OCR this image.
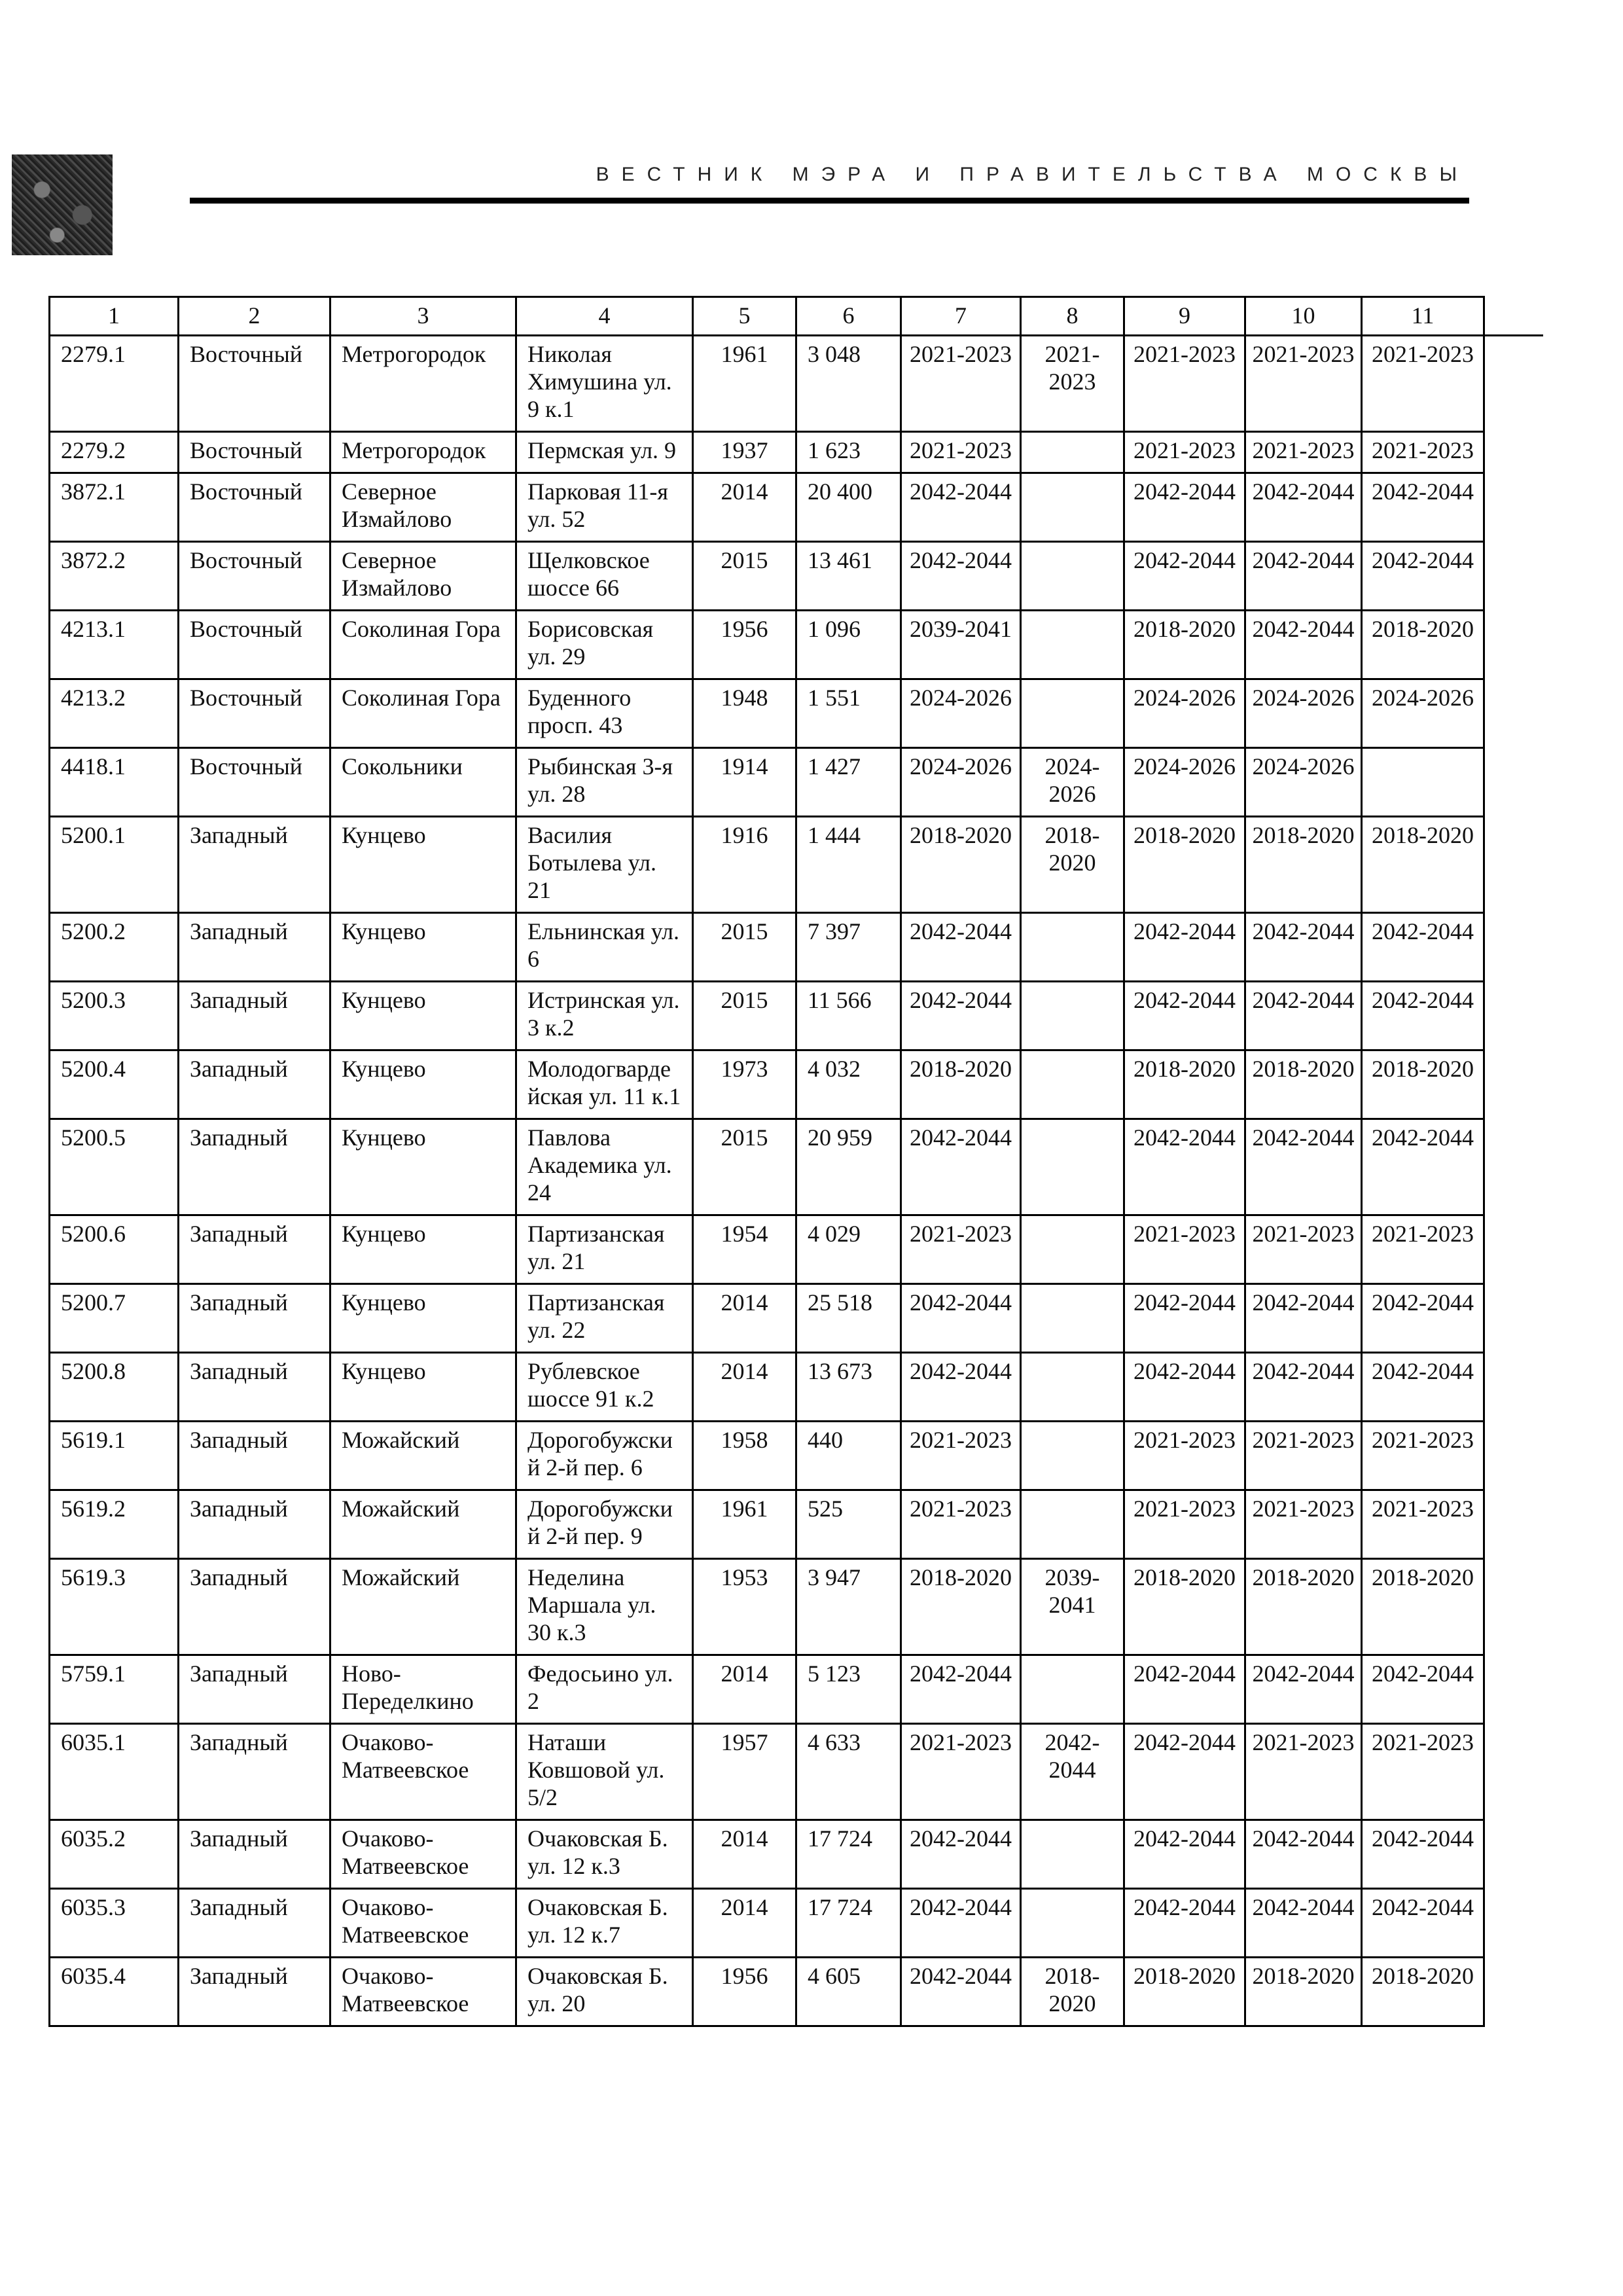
ВЕСТНИК МЭРА И ПРАВИТЕЛЬСТВА МОСКВЫ
1	2	3	4	5	6	7	8	9	10	11	
2279.1	Восточный	Метрогородок	Николая Химушина ул. 9 к.1	1961	3 048	2021-2023	2021-2023	2021-2023	2021-2023	2021-2023	
2279.2	Восточный	Метрогородок	Пермская ул. 9	1937	1 623	2021-2023		2021-2023	2021-2023	2021-2023	
3872.1	Восточный	Северное Измайлово	Парковая 11-я ул. 52	2014	20 400	2042-2044		2042-2044	2042-2044	2042-2044	
3872.2	Восточный	Северное Измайлово	Щелковское шоссе 66	2015	13 461	2042-2044		2042-2044	2042-2044	2042-2044	
4213.1	Восточный	Соколиная Гора	Борисовская ул. 29	1956	1 096	2039-2041		2018-2020	2042-2044	2018-2020	
4213.2	Восточный	Соколиная Гора	Буденного просп. 43	1948	1 551	2024-2026		2024-2026	2024-2026	2024-2026	
4418.1	Восточный	Сокольники	Рыбинская 3-я ул. 28	1914	1 427	2024-2026	2024-2026	2024-2026	2024-2026		
5200.1	Западный	Кунцево	Василия Ботылева ул. 21	1916	1 444	2018-2020	2018-2020	2018-2020	2018-2020	2018-2020	
5200.2	Западный	Кунцево	Ельнинская ул. 6	2015	7 397	2042-2044		2042-2044	2042-2044	2042-2044	
5200.3	Западный	Кунцево	Истринская ул. 3 к.2	2015	11 566	2042-2044		2042-2044	2042-2044	2042-2044	
5200.4	Западный	Кунцево	Молодогвардейская ул. 11 к.1	1973	4 032	2018-2020		2018-2020	2018-2020	2018-2020	
5200.5	Западный	Кунцево	Павлова Академика ул. 24	2015	20 959	2042-2044		2042-2044	2042-2044	2042-2044	
5200.6	Западный	Кунцево	Партизанская ул. 21	1954	4 029	2021-2023		2021-2023	2021-2023	2021-2023	
5200.7	Западный	Кунцево	Партизанская ул. 22	2014	25 518	2042-2044		2042-2044	2042-2044	2042-2044	
5200.8	Западный	Кунцево	Рублевское шоссе 91 к.2	2014	13 673	2042-2044		2042-2044	2042-2044	2042-2044	
5619.1	Западный	Можайский	Дорогобужский 2-й пер. 6	1958	440	2021-2023		2021-2023	2021-2023	2021-2023	
5619.2	Западный	Можайский	Дорогобужский 2-й пер. 9	1961	525	2021-2023		2021-2023	2021-2023	2021-2023	
5619.3	Западный	Можайский	Неделина Маршала ул. 30 к.3	1953	3 947	2018-2020	2039-2041	2018-2020	2018-2020	2018-2020	
5759.1	Западный	Ново-Переделкино	Федосьино ул. 2	2014	5 123	2042-2044		2042-2044	2042-2044	2042-2044	
6035.1	Западный	Очаково-Матвеевское	Наташи Ковшовой ул. 5/2	1957	4 633	2021-2023	2042-2044	2042-2044	2021-2023	2021-2023	
6035.2	Западный	Очаково-Матвеевское	Очаковская Б. ул. 12 к.3	2014	17 724	2042-2044		2042-2044	2042-2044	2042-2044	
6035.3	Западный	Очаково-Матвеевское	Очаковская Б. ул. 12 к.7	2014	17 724	2042-2044		2042-2044	2042-2044	2042-2044	
6035.4	Западный	Очаково-Матвеевское	Очаковская Б. ул. 20	1956	4 605	2042-2044	2018-2020	2018-2020	2018-2020	2018-2020	
